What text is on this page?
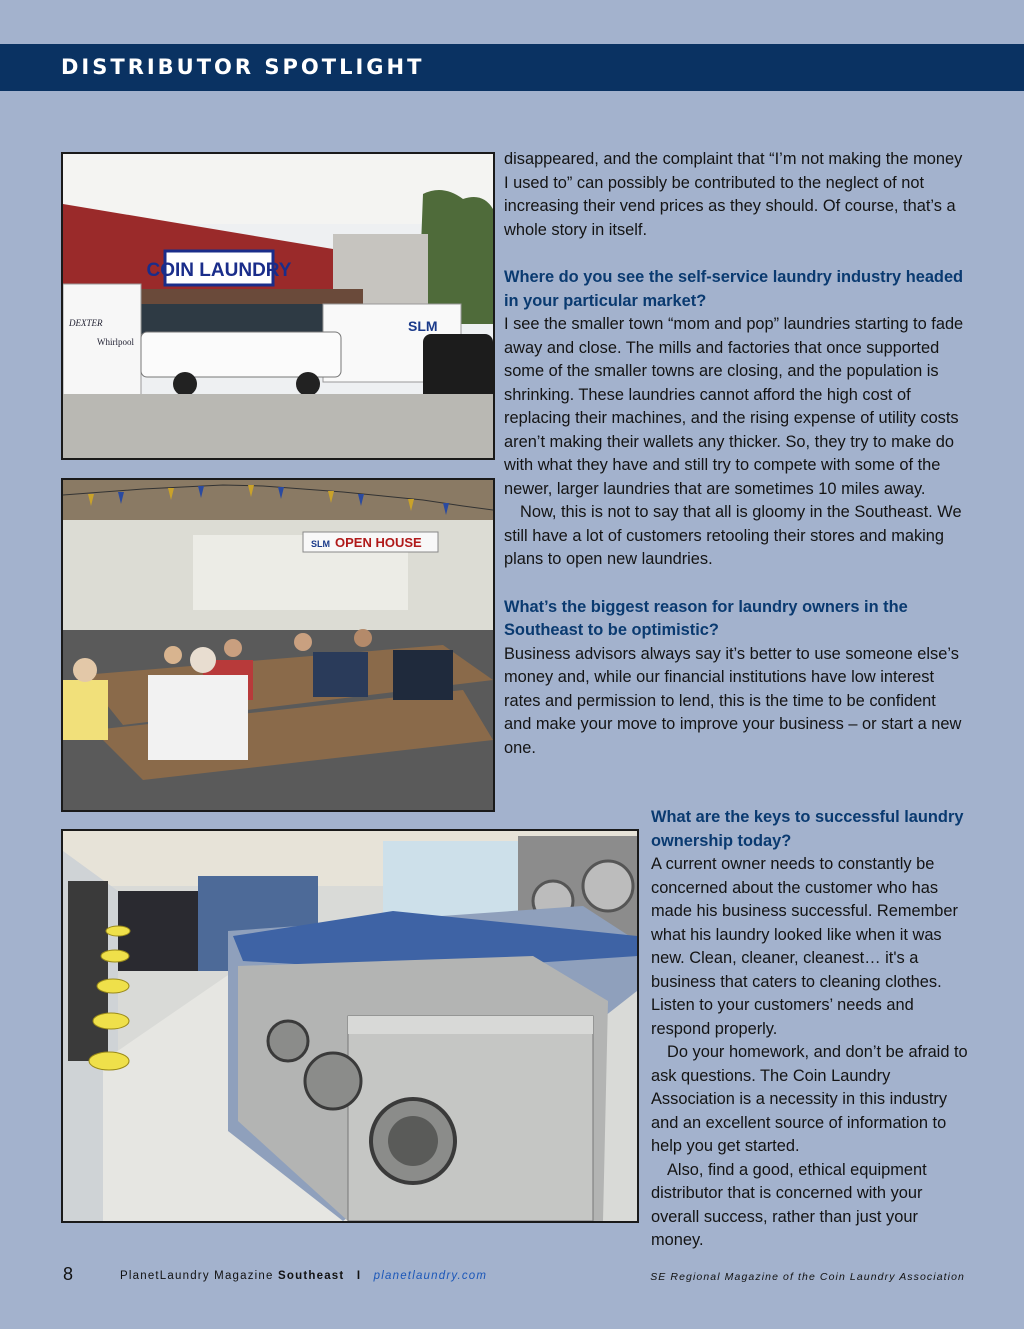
DISTRIBUTOR SPOTLIGHT
COIN LAUNDRY
DEXTER
Whirlpool
SLM
SLM OPEN HOUSE

disappeared, and the complaint that “I’m not making the money I used to” can possibly be contributed to the neglect of not increasing their vend prices as they should. Of course, that’s a whole story in itself.

Where do you see the self-service laundry industry headed in your particular market?

I see the smaller town “mom and pop” laundries starting to fade away and close. The mills and factories that once supported some of the smaller towns are closing, and the population is shrinking. These laundries cannot afford the high cost of replacing their machines, and the rising expense of utility costs aren’t making their wallets any thicker. So, they try to make do with what they have and still try to compete with some of the newer, larger laundries that are sometimes 10 miles away.

Now, this is not to say that all is gloomy in the Southeast. We still have a lot of customers retooling their stores and making plans to open new laundries.

What’s the biggest reason for laundry owners in the Southeast to be optimistic?

Business advisors always say it’s better to use someone else’s money and, while our financial institutions have low interest rates and permission to lend, this is the time to be confident and make your move to improve your business – or start a new one.

What are the keys to successful laundry ownership today?

A current owner needs to constantly be concerned about the customer who has made his business successful. Remember what his laundry looked like when it was new. Clean, cleaner, cleanest… it's a business that caters to cleaning clothes. Listen to your customers’ needs and respond properly.

Do your homework, and don’t be afraid to ask questions. The Coin Laundry Association is a necessity in this industry and an excellent source of information to help you get started.

Also, find a good, ethical equipment distributor that is concerned with your overall success, rather than just your money.

8	PlanetLaundry Magazine Southeast I planetlaundry.com	SE Regional Magazine of the Coin Laundry Association
